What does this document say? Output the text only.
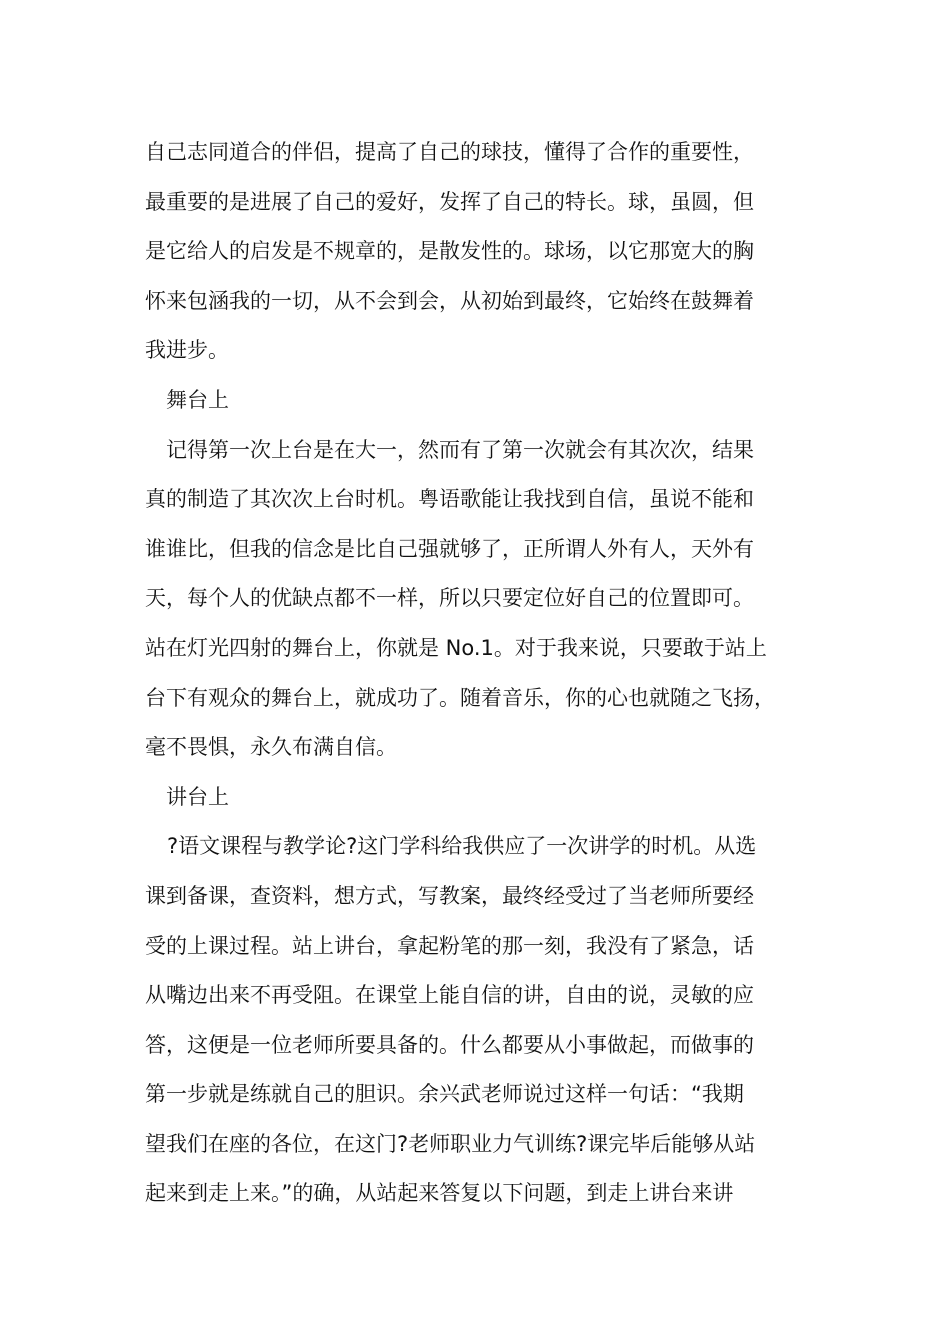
自己志同道合的伴侣，提高了自己的球技，懂得了合作的重要性，
最重要的是进展了自己的爱好，发挥了自己的特长。球，虽圆，但
是它给人的启发是不规章的，是散发性的。球场，以它那宽大的胸
怀来包涵我的一切，从不会到会，从初始到最终，它始终在鼓舞着
我进步。
舞台上
记得第一次上台是在大一，然而有了第一次就会有其次次，结果
真的制造了其次次上台时机。粤语歌能让我找到自信，虽说不能和
谁谁比，但我的信念是比自己强就够了，正所谓人外有人，天外有
天，每个人的优缺点都不一样，所以只要定位好自己的位置即可。
站在灯光四射的舞台上，你就是 No.1。对于我来说，只要敢于站上
台下有观众的舞台上，就成功了。随着音乐，你的心也就随之飞扬，
毫不畏惧，永久布满自信。
讲台上
?语文课程与教学论?这门学科给我供应了一次讲学的时机。从选
课到备课，查资料，想方式，写教案，最终经受过了当老师所要经
受的上课过程。站上讲台，拿起粉笔的那一刻，我没有了紧急，话
从嘴边出来不再受阻。在课堂上能自信的讲，自由的说，灵敏的应
答，这便是一位老师所要具备的。什么都要从小事做起，而做事的
第一步就是练就自己的胆识。余兴武老师说过这样一句话：“我期
望我们在座的各位，在这门?老师职业力气训练?课完毕后能够从站
起来到走上来。”的确，从站起来答复以下问题，到走上讲台来讲
